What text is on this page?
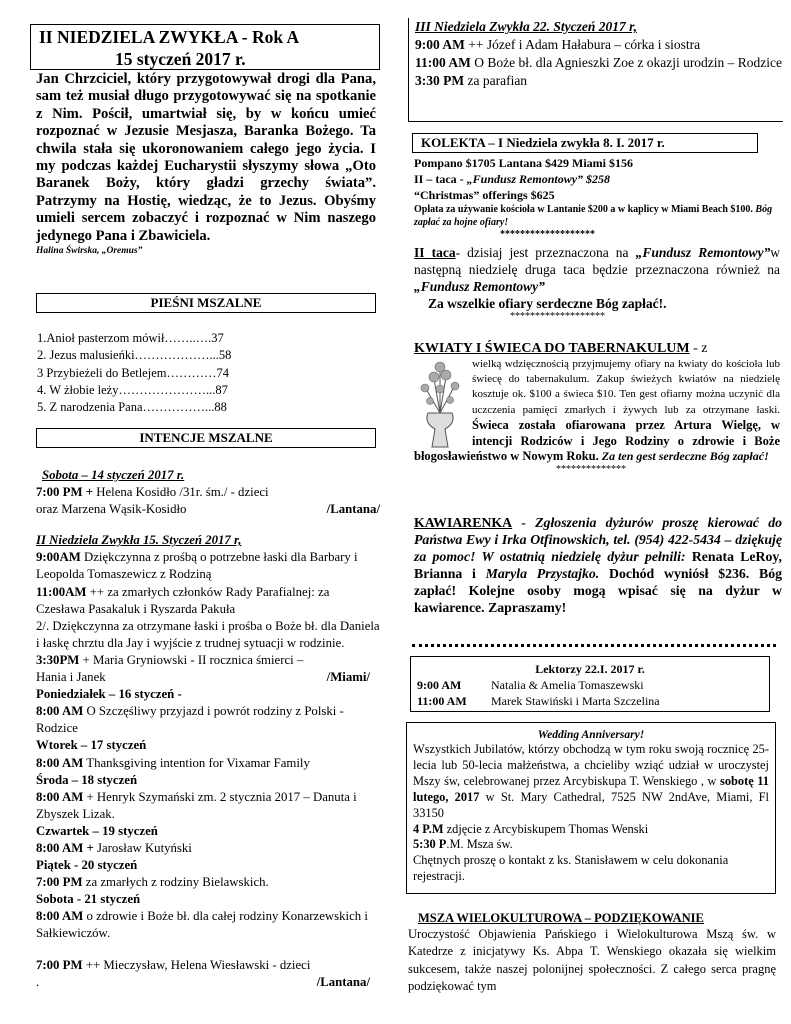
II NIEDZIELA ZWYKŁA - Rok A
15 styczeń 2017 r.

Jan Chrzciciel, który przygotowywał drogi dla Pana, sam też musiał długo przygotowywać się na spotkanie z Nim. Pościł, umartwiał się, by w końcu umieć rozpoznać w Jezusie Mesjasza, Baranka Bożego. Ta chwila stała się ukoronowaniem całego jego życia. I my podczas każdej Eucharystii słyszymy słowa „Oto Baranek Boży, który gładzi grzechy świata”. Patrzymy na Hostię, wiedząc, że to Jezus. Obyśmy umieli sercem zobaczyć i rozpoznać w Nim naszego jedynego Pana i Zbawiciela.

Halina Świrska, „Oremus”

PIEŚNI MSZALNE
1.Anioł pasterzom mówił……..….37
2. Jezus malusieńki………………...58
3 Przybieżeli do Betlejem…………74
4. W żłobie leży…………………...87
5. Z narodzenia Pana……………...88
INTENCJE MSZALNE

Sobota – 14 styczeń 2017 r.

7:00 PM + Helena Kosidło /31r. śm./ - dzieci

oraz Marzena Wąsik-Kosidło	/Lantana/

II Niedziela Zwykła 15. Styczeń 2017 r,

9:00AM Dziękczynna z prośbą o potrzebne łaski dla Barbary i Leopolda Tomaszewicz z Rodziną

11:00AM ++ za zmarłych członków Rady Parafialnej: za Czesława Pasakaluk i Ryszarda Pakuła

2/. Dziękczynna za otrzymane łaski i prośba o Boże bł. dla Daniela i łaskę chrztu dla Jay i wyjście z trudnej sytuacji w rodzinie.

3:30PM + Maria Gryniowski - II rocznica śmierci –

Hania i Janek	/Miami/

Poniedziałek – 16 styczeń -

8:00 AM O Szczęśliwy przyjazd i powrót rodziny z Polski - Rodzice

Wtorek – 17 styczeń

8:00 AM Thanksgiving intention for Vixamar Family

Środa – 18 styczeń

8:00 AM + Henryk Szymański zm. 2 stycznia 2017 – Danuta i Zbyszek Lizak.

Czwartek – 19 styczeń

8:00 AM + Jarosław Kutyński

Piątek - 20 styczeń

7:00 PM za zmarłych z rodziny Bielawskich.

Sobota - 21 styczeń

8:00 AM o zdrowie i Boże bł. dla całej rodziny Konarzewskich i Sałkiewiczów.

7:00 PM ++ Mieczysław, Helena Wiesławski - dzieci

.	/Lantana/

III Niedziela Zwykła 22. Styczeń 2017 r,

9:00 AM ++ Józef i Adam Hałabura – córka i siostra

11:00 AM O Boże bł. dla Agnieszki Zoe z okazji urodzin – Rodzice

3:30 PM za parafian

KOLEKTA – I Niedziela zwykła 8. I. 2017 r.

Pompano $1705 Lantana $429 Miami $156

II – taca - „Fundusz Remontowy” $258

“Christmas” offerings $625

Opłata za używanie kościoła w Lantanie $200 a w kaplicy w Miami Beach $100. Bóg zapłać za hojne ofiary!

*******************

II taca- dzisiaj jest przeznaczona na „Fundusz Remontowy”w następną niedzielę druga taca będzie przeznaczona również na „Fundusz Remontowy”

Za wszelkie ofiary serdeczne Bóg zapłać!.

*******************

KWIATY I ŚWIECA DO TABERNAKULUM - z

wielką wdzięcznością przyjmujemy ofiary na kwiaty do kościoła lub świecę do tabernakulum. Zakup świeżych kwiatów na niedzielę kosztuje ok. $100 a świeca $10. Ten gest ofiarny można uczynić dla uczczenia pamięci zmarłych i żywych lub za otrzymane łaski. Świeca została ofiarowana przez Artura Wielgę, w intencji Rodziców i Jego Rodziny o zdrowie i Boże błogosławieństwo w Nowym Roku. Za ten gest serdeczne Bóg zapłać!

**************

KAWIARENKA - Zgłoszenia dyżurów proszę kierować do Państwa Ewy i Irka Otfinowskich, tel. (954) 422-5434 – dziękuję za pomoc! W ostatnią niedzielę dyżur pełnili: Renata LeRoy, Brianna i Maryla Przystajko. Dochód wyniósł $236. Bóg zapłać! Kolejne osoby mogą wpisać się na dyżur w kawiarence. Zapraszamy!

Lektorzy 22.I. 2017 r.

9:00 AM Natalia & Amelia Tomaszewski

11:00 AM Marek Stawiński i Marta Szczelina

Wedding Anniversary!

Wszystkich Jubilatów, którzy obchodzą w tym roku swoją rocznicę 25-lecia lub 50-lecia małżeństwa, a chcieliby wziąć udział w uroczystej Mszy św, celebrowanej przez Arcybiskupa T. Wenskiego , w sobotę 11 lutego, 2017 w St. Mary Cathedral, 7525 NW 2ndAve, Miami, Fl 33150

4 P.M zdjęcie z Arcybiskupem Thomas Wenski

5:30 P.M. Msza św.

Chętnych proszę o kontakt z ks. Stanisławem w celu dokonania rejestracji.

MSZA WIELOKULTUROWA – PODZIĘKOWANIE

Uroczystość Objawienia Pańskiego i Wielokulturowa Mszą św. w Katedrze z inicjatywy Ks. Abpa T. Wenskiego okazała się wielkim sukcesem, także naszej polonijnej społeczności. Z całego serca pragnę podziękować tym
